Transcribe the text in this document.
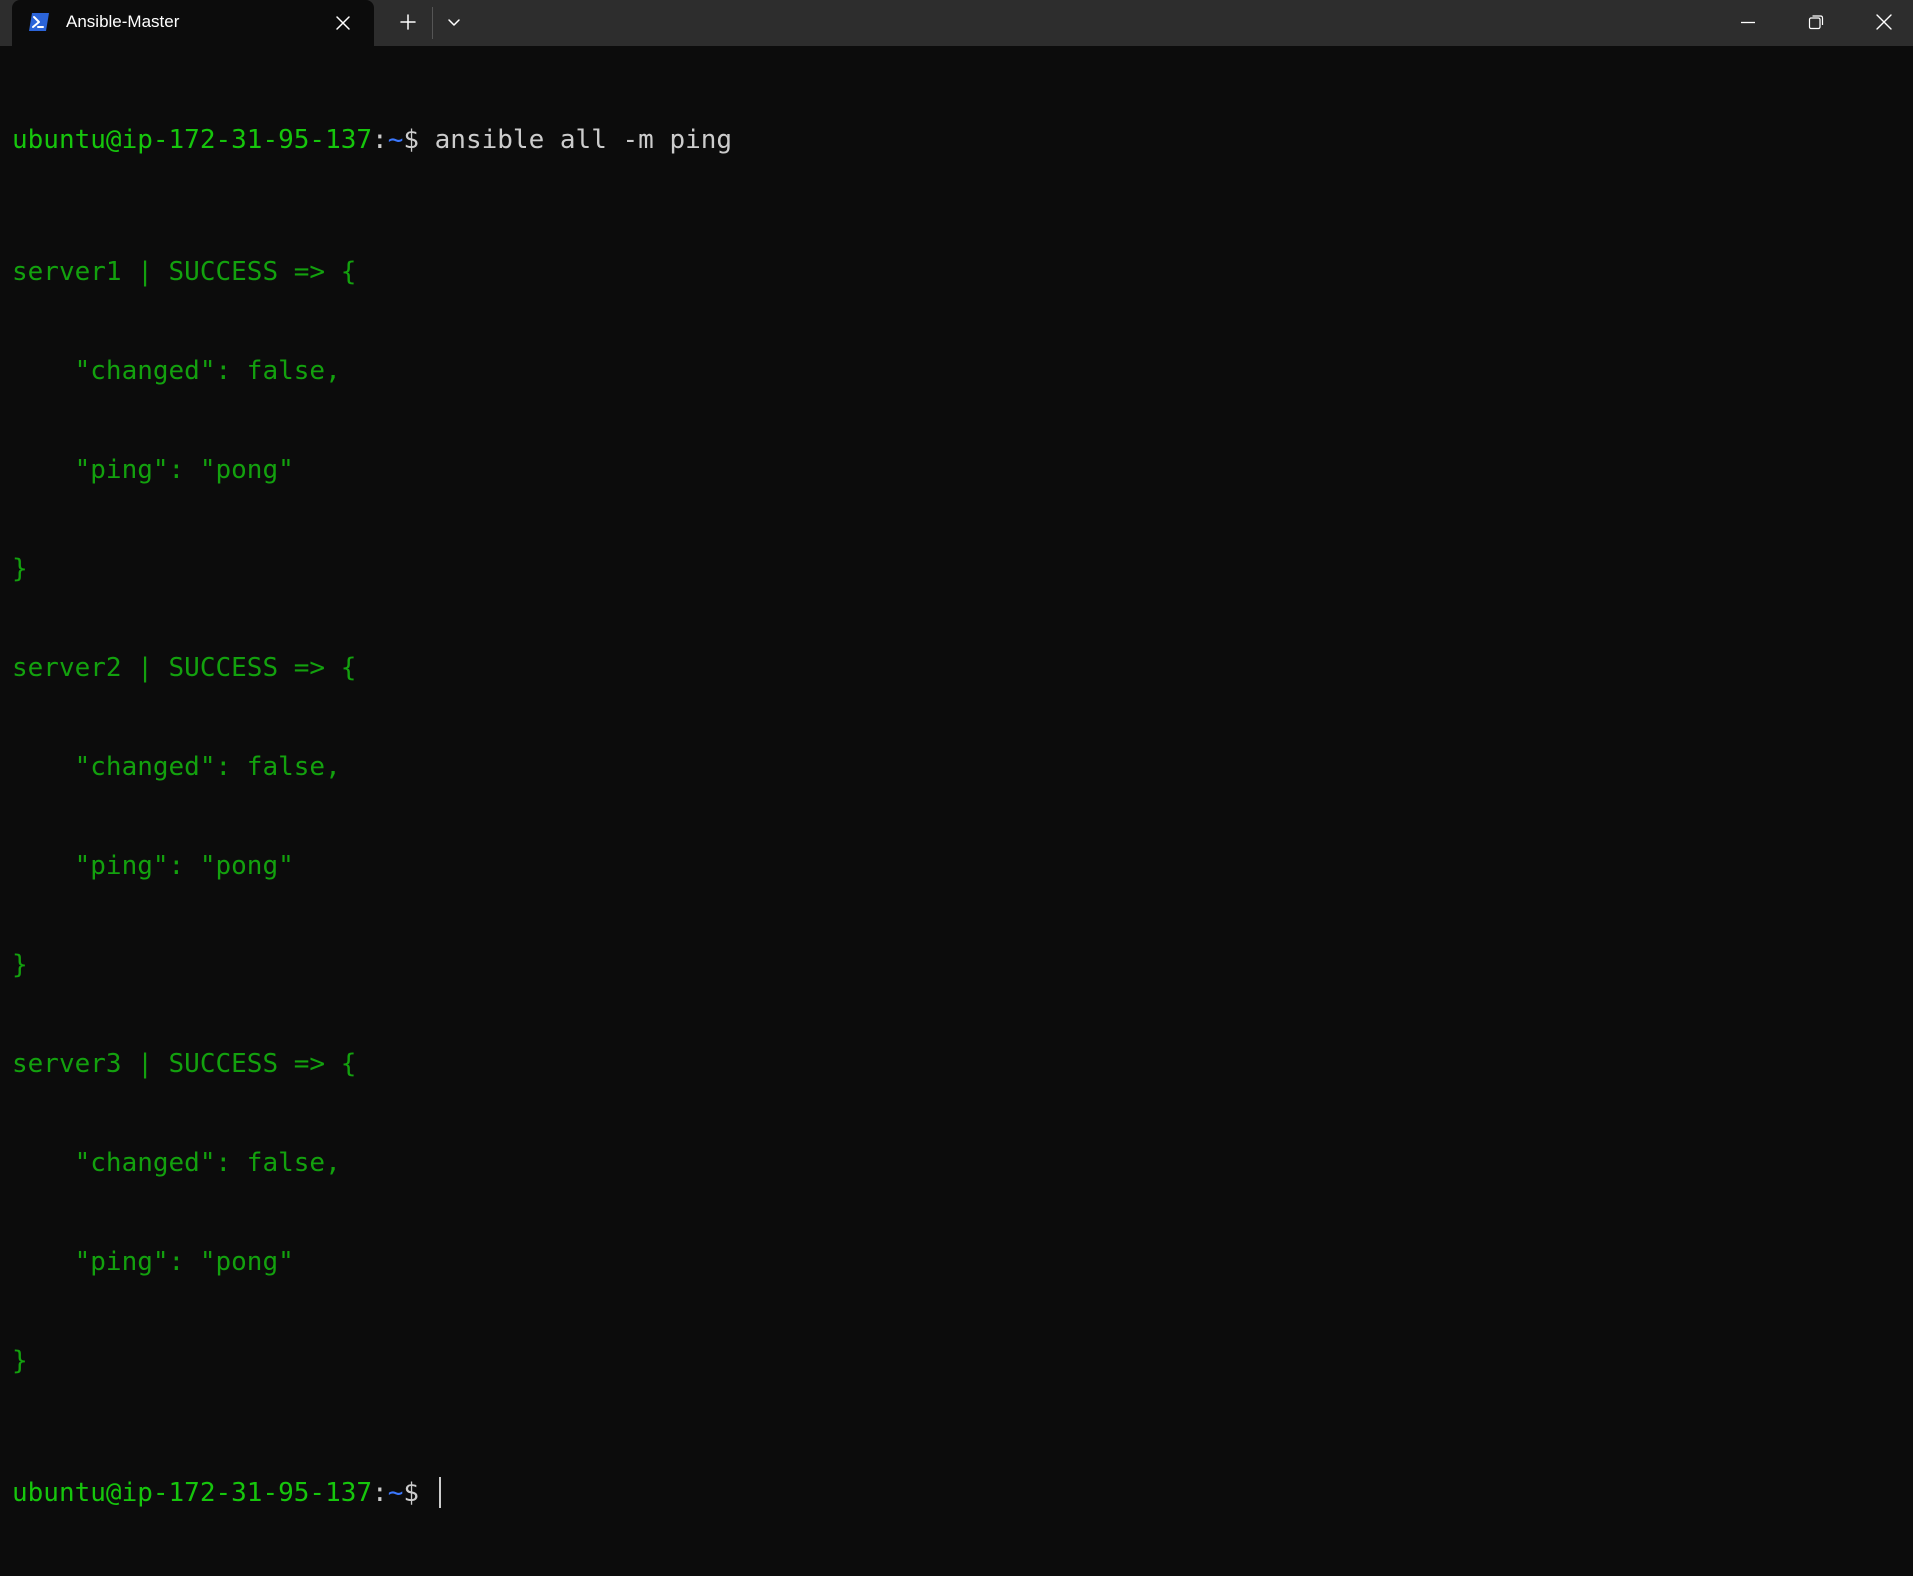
Ansible-Master

ubuntu@ip-172-31-95-137:~$ ansible all -m ping

server1 | SUCCESS => {

"changed": false,

"ping": "pong"

}

server2 | SUCCESS => {

"changed": false,

"ping": "pong"

}

server3 | SUCCESS => {

"changed": false,

"ping": "pong"

}

ubuntu@ip-172-31-95-137:~$
